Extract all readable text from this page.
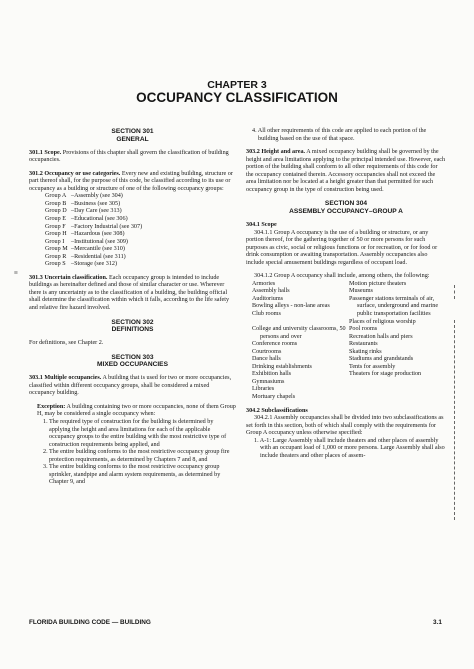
CHAPTER 3
OCCUPANCY CLASSIFICATION

SECTION 301

GENERAL

301.1 Scope. Provisions of this chapter shall govern the classification of building occupancies.

301.2 Occupancy or use categories. Every new and existing building, structure or part thereof shall, for the purpose of this code, be classified according to its use or occupancy as a building or structure of one of the following occupancy groups:

Group A –Assembly (see 304)
Group B –Business (see 305)
Group D –Day Care (see 313)
Group E –Educational (see 306)
Group F –Factory Industrial (see 307)
Group H –Hazardous (see 308)
Group I	–Institutional (see 309)
Group M –Mercantile (see 310)
Group R –Residential (see 311)
Group S –Storage (see 312)

301.3 Uncertain classification. Each occupancy group is intended to include buildings as hereinafter defined and those of similar character or use. Wherever there is any uncertainty as to the classification of a building, the building official shall determine the classification within which it falls, according to the life safety and relative fire hazard involved.

SECTION 302

DEFINITIONS

For definitions, see Chapter 2.

SECTION 303

MIXED OCCUPANCIES

303.1 Multiple occupancies. A building that is used for two or more occupancies, classified within different occupancy groups, shall be considered a mixed occupancy building.

Exception: A building containing two or more occupancies, none of them Group H, may be considered a single occupancy when:

1. The required type of construction for the building is determined by applying the height and area limitations for each of the applicable occupancy groups to the entire building with the most restrictive type of construction requirements being applied, and

2. The entire building conforms to the most restrictive occupancy group fire protection requirements, as determined by Chapters 7 and 8, and

3. The entire building conforms to the most restrictive occupancy group sprinkler, standpipe and alarm system requirements, as determined by Chapter 9, and

4. All other requirements of this code are applied to each portion of the building based on the use of that space.

303.2 Height and area. A mixed occupancy building shall be governed by the height and area limitations applying to the principal intended use. However, each portion of the building shall conform to all other requirements of this code for the occupancy contained therein. Accessory occupancies shall not exceed the area limitation nor be located at a height greater than that permitted for such occupancy group in the type of construction being used.

SECTION 304

ASSEMBLY OCCUPANCY–GROUP A

304.1 Scope

304.1.1 Group A occupancy is the use of a building or structure, or any portion thereof, for the gathering together of 50 or more persons for such purposes as civic, social or religious functions or for recreation, or for food or drink consumption or awaiting transportation. Assembly occupancies also include special amusement buildings regardless of occupant load.

304.1.2 Group A occupancy shall include, among others, the following:

Armories

Assembly halls

Auditoriums

Bowling alleys - non-lane areas

Club rooms

College and university classrooms, 50 persons and over

Conference rooms

Courtrooms

Dance halls

Drinking establishments

Exhibition halls

Gymnasiums

Libraries

Mortuary chapels

Motion picture theaters

Museums

Passenger stations terminals of air, surface, underground and marine public transportation facilities

Places of religious worship

Pool rooms

Recreation halls and piers

Restaurants

Skating rinks

Stadiums and grandstands

Tents for assembly

Theaters for stage production

304.2 Subclassifications

304.2.1 Assembly occupancies shall be divided into two subclassifications as set forth in this section, both of which shall comply with the requirements for Group A occupancy unless otherwise specified:

1. A-1: Large Assembly shall include theaters and other places of assembly with an occupant load of 1,000 or more persons. Large Assembly shall also include theaters and other places of assem-

≡
FLORIDA BUILDING CODE — BUILDING	3.1
